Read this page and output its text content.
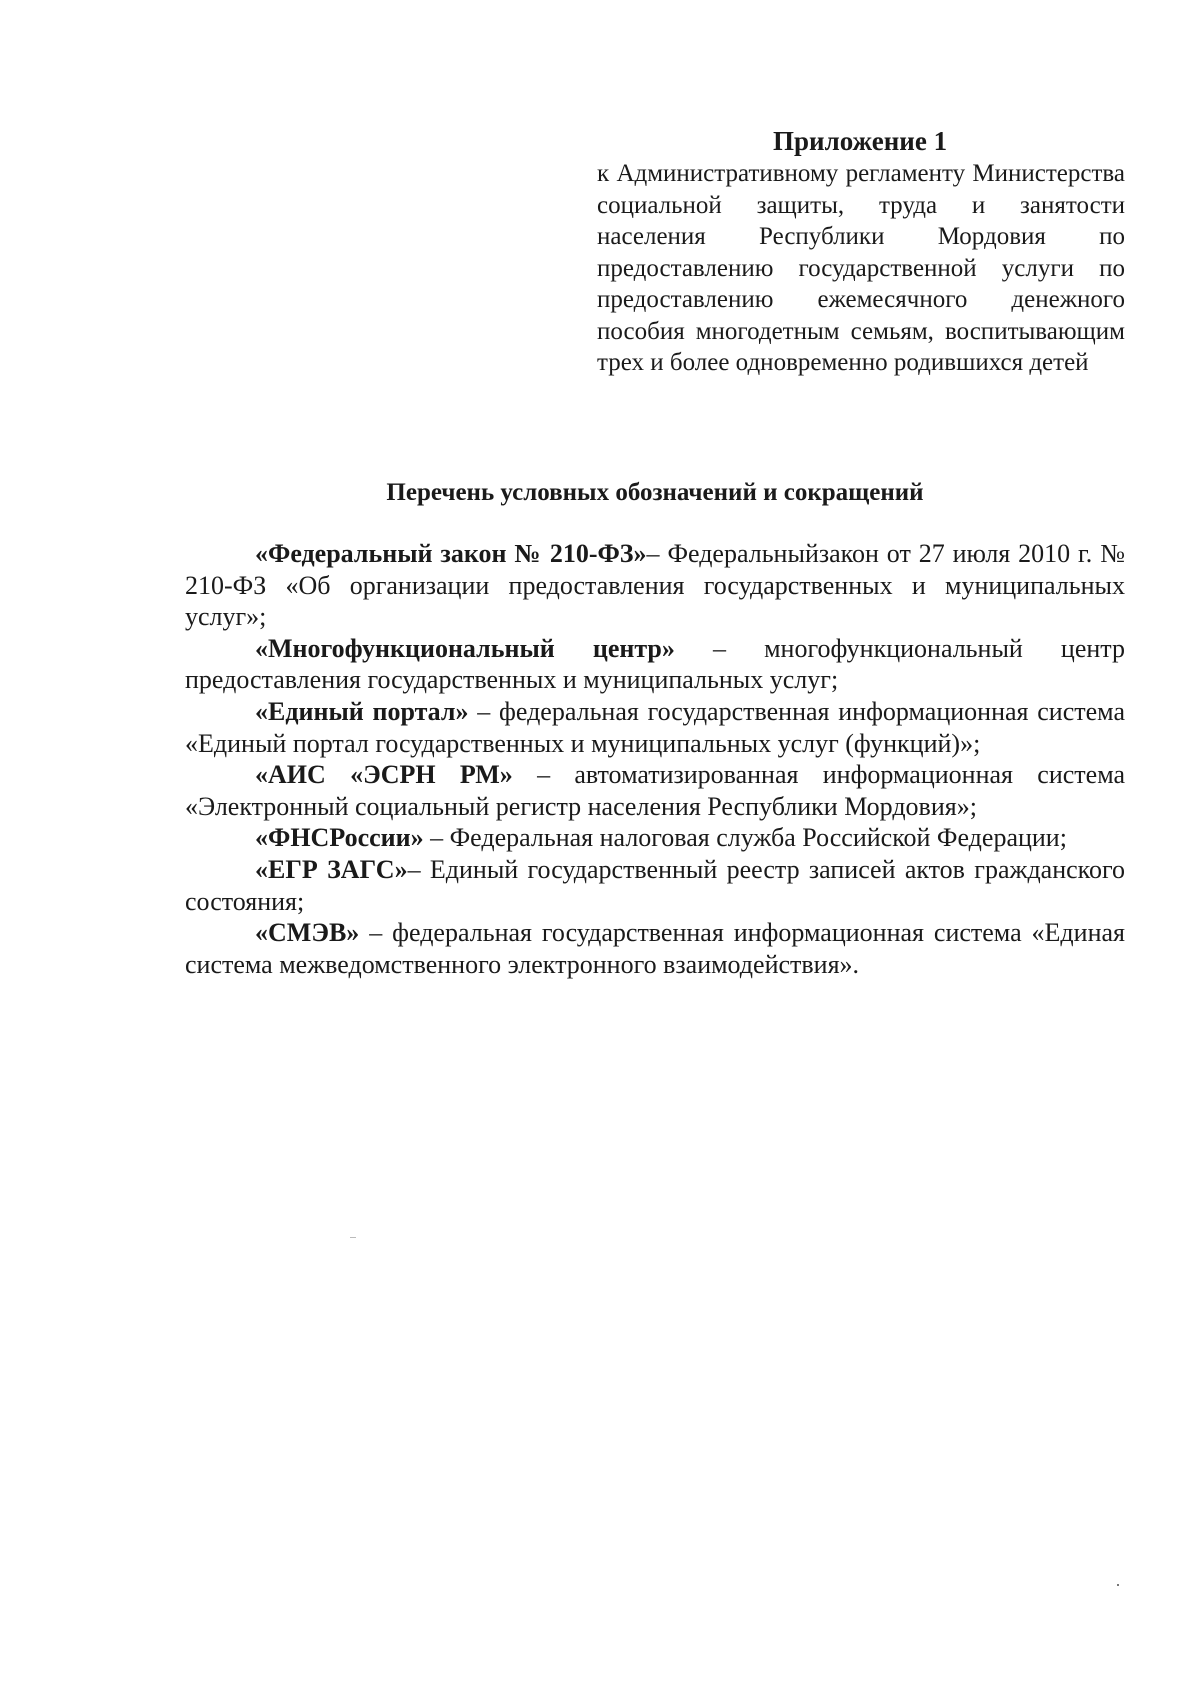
Приложение 1

к Административному регламенту Министерства социальной защиты, труда и занятости населения Республики Мордовия по предоставлению государственной услуги по предоставлению ежемесячного денежного пособия многодетным семьям, воспитывающим трех и более одновременно родившихся детей

Перечень условных обозначений и сокращений
«Федеральный закон № 210-ФЗ»– Федеральныйзакон от 27 июля 2010 г. № 210-ФЗ «Об организации предоставления государственных и муниципальных услуг»;
«Многофункциональный центр» – многофункциональный центр предоставления государственных и муниципальных услуг;
«Единый портал» – федеральная государственная информационная система «Единый портал государственных и муниципальных услуг (функций)»;
«АИС «ЭСРН РМ» – автоматизированная информационная система «Электронный социальный регистр населения Республики Мордовия»;
«ФНСРоссии» – Федеральная налоговая служба Российской Федерации;
«ЕГР ЗАГС»– Единый государственный реестр записей актов гражданского состояния;
«СМЭВ» – федеральная государственная информационная система «Единая система межведомственного электронного взаимодействия».
